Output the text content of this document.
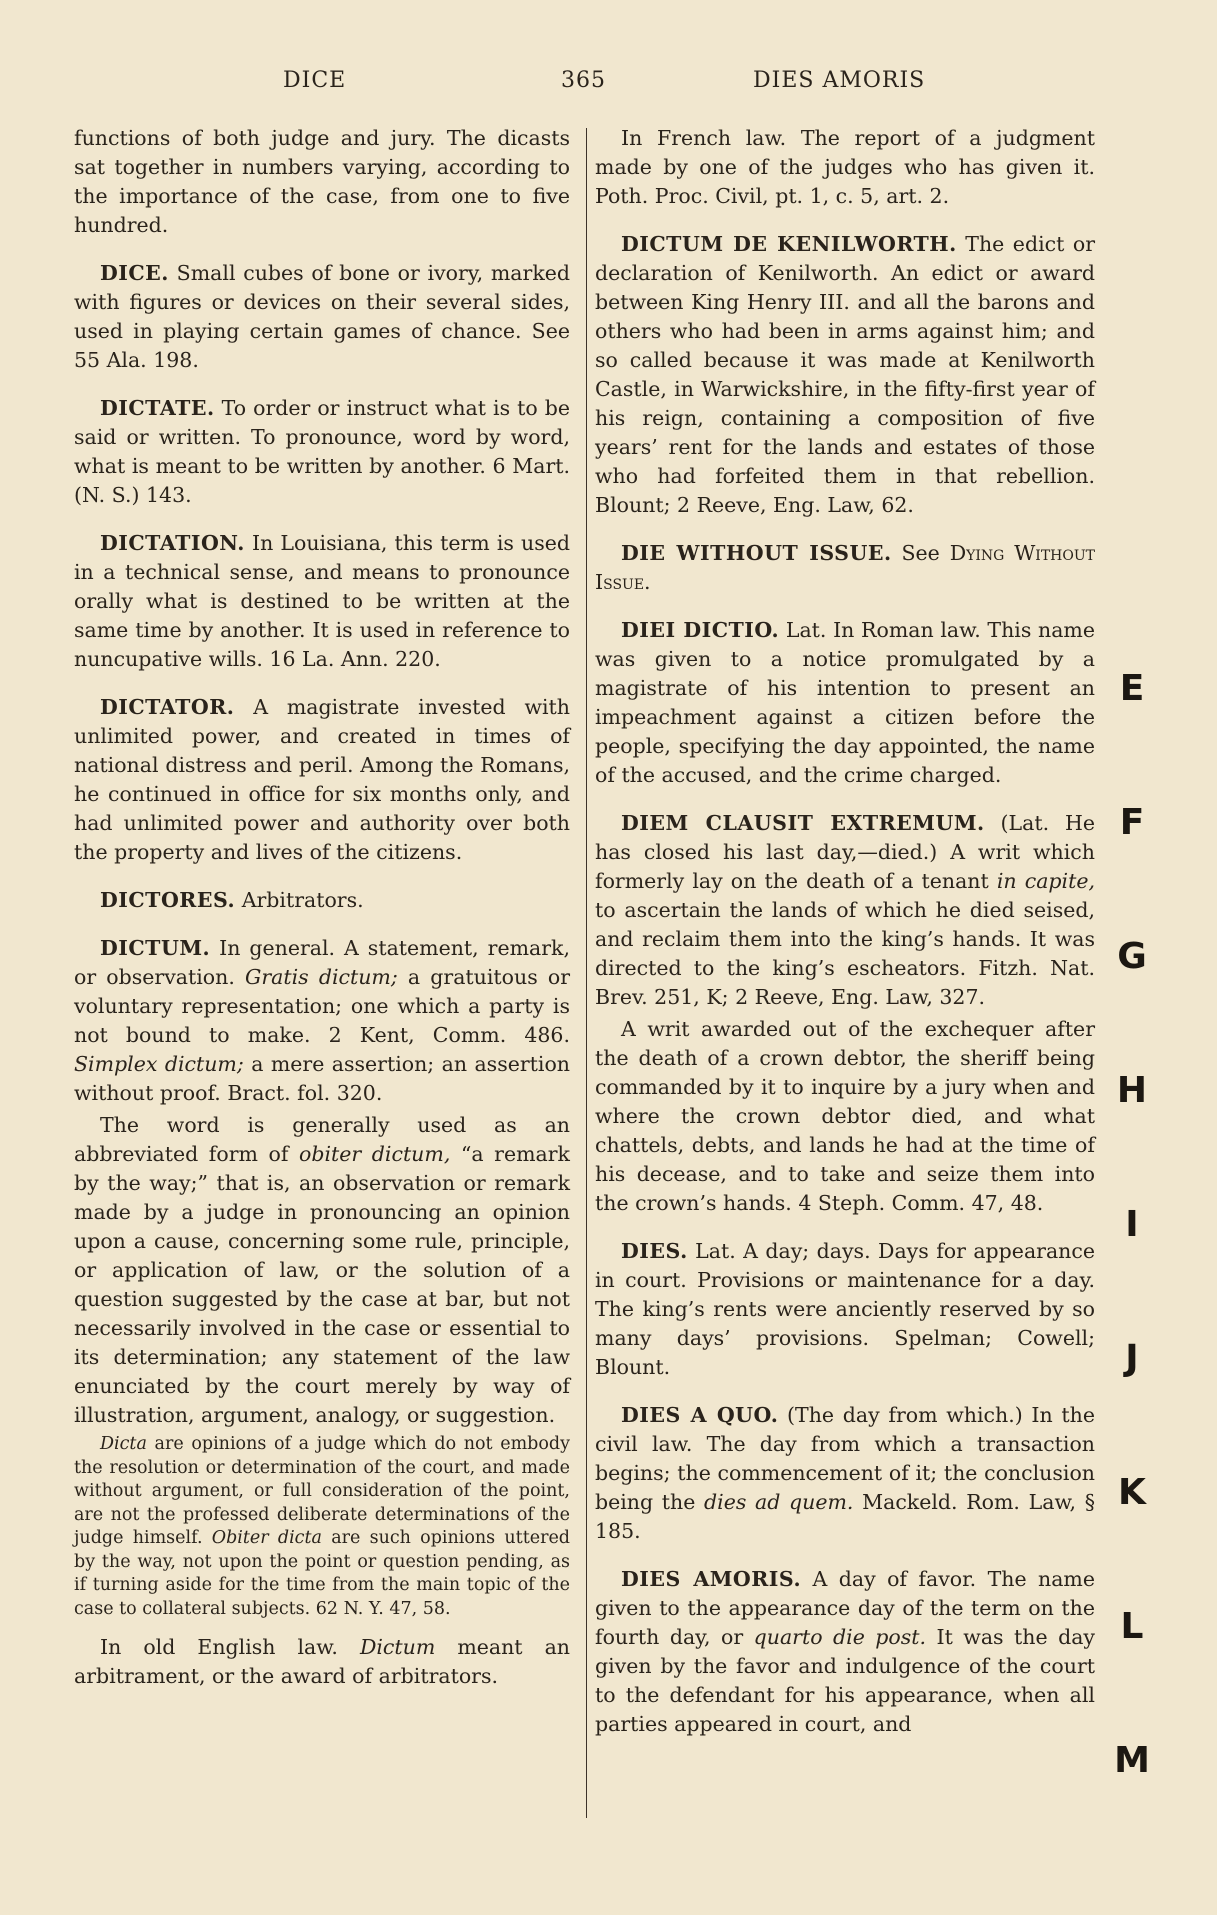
DICE	365	DIES AMORIS

functions of both judge and jury. The dicasts sat together in numbers varying, according to the importance of the case, from one to five hundred.

DICE. Small cubes of bone or ivory, marked with figures or devices on their several sides, used in playing certain games of chance. See 55 Ala. 198.

DICTATE. To order or instruct what is to be said or written. To pronounce, word by word, what is meant to be written by another. 6 Mart. (N. S.) 143.

DICTATION. In Louisiana, this term is used in a technical sense, and means to pronounce orally what is destined to be written at the same time by another. It is used in reference to nuncupative wills. 16 La. Ann. 220.

DICTATOR. A magistrate invested with unlimited power, and created in times of national distress and peril. Among the Romans, he continued in office for six months only, and had unlimited power and authority over both the property and lives of the citizens.

DICTORES. Arbitrators.

DICTUM. In general. A statement, remark, or observation. Gratis dictum; a gratuitous or voluntary representation; one which a party is not bound to make. 2 Kent, Comm. 486. Simplex dictum; a mere assertion; an assertion without proof. Bract. fol. 320.

The word is generally used as an abbreviated form of obiter dictum, “a remark by the way;” that is, an observation or remark made by a judge in pronouncing an opinion upon a cause, concerning some rule, principle, or application of law, or the solution of a question suggested by the case at bar, but not necessarily involved in the case or essential to its determination; any statement of the law enunciated by the court merely by way of illustration, argument, analogy, or suggestion.

Dicta are opinions of a judge which do not embody the resolution or determination of the court, and made without argument, or full consideration of the point, are not the professed deliberate determinations of the judge himself. Obiter dicta are such opinions uttered by the way, not upon the point or question pending, as if turning aside for the time from the main topic of the case to collateral subjects. 62 N. Y. 47, 58.

In old English law. Dictum meant an arbitrament, or the award of arbitrators.

In French law. The report of a judgment made by one of the judges who has given it. Poth. Proc. Civil, pt. 1, c. 5, art. 2.

DICTUM DE KENILWORTH. The edict or declaration of Kenilworth. An edict or award between King Henry III. and all the barons and others who had been in arms against him; and so called because it was made at Kenilworth Castle, in Warwickshire, in the fifty-first year of his reign, containing a composition of five years’ rent for the lands and estates of those who had forfeited them in that rebellion. Blount; 2 Reeve, Eng. Law, 62.

DIE WITHOUT ISSUE. See Dying Without Issue.

DIEI DICTIO. Lat. In Roman law. This name was given to a notice promulgated by a magistrate of his intention to present an impeachment against a citizen before the people, specifying the day appointed, the name of the accused, and the crime charged.

DIEM CLAUSIT EXTREMUM. (Lat. He has closed his last day,—died.) A writ which formerly lay on the death of a tenant in capite, to ascertain the lands of which he died seised, and reclaim them into the king’s hands. It was directed to the king’s escheators. Fitzh. Nat. Brev. 251, K; 2 Reeve, Eng. Law, 327.

A writ awarded out of the exchequer after the death of a crown debtor, the sheriff being commanded by it to inquire by a jury when and where the crown debtor died, and what chattels, debts, and lands he had at the time of his decease, and to take and seize them into the crown’s hands. 4 Steph. Comm. 47, 48.

DIES. Lat. A day; days. Days for appearance in court. Provisions or maintenance for a day. The king’s rents were anciently reserved by so many days’ provisions. Spelman; Cowell; Blount.

DIES A QUO. (The day from which.) In the civil law. The day from which a transaction begins; the commencement of it; the conclusion being the dies ad quem. Mackeld. Rom. Law, § 185.

DIES AMORIS. A day of favor. The name given to the appearance day of the term on the fourth day, or quarto die post. It was the day given by the favor and indulgence of the court to the defendant for his appearance, when all parties appeared in court, and

E
F
G
H
I
J
K
L
M
